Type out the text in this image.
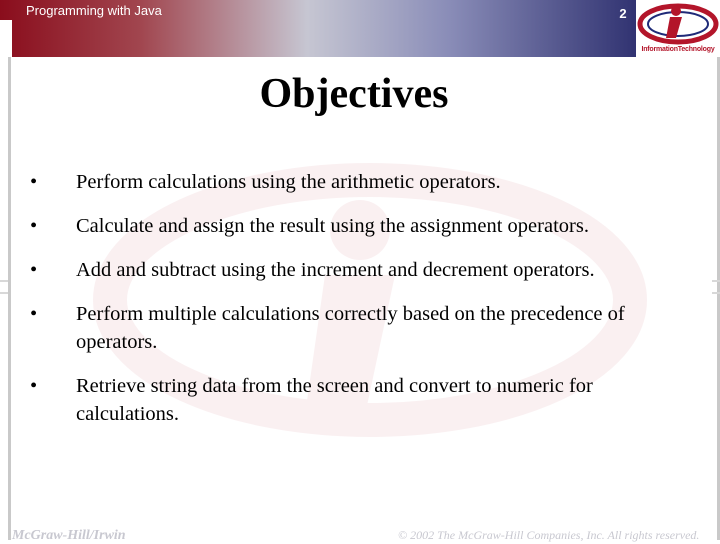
Programming with Java	2
InformationTechnology
Objectives
•	Perform calculations using the arithmetic operators.
•	Calculate and assign the result using the assignment operators.
•	Add and subtract using the increment and decrement operators.
•	Perform multiple calculations correctly based on the precedence of operators.
•	Retrieve string data from the screen and convert to numeric for calculations.
McGraw-Hill/Irwin	© 2002 The McGraw-Hill Companies, Inc. All rights reserved.
